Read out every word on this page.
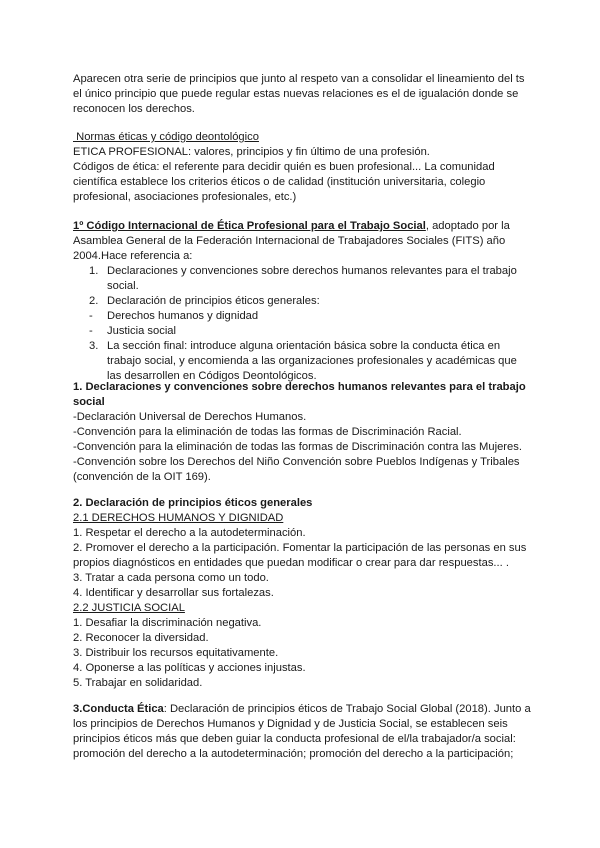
Aparecen otra serie de principios que junto al respeto van a consolidar el lineamiento del ts
el único principio que puede regular estas nuevas relaciones es el de igualación donde se
reconocen los derechos.
Normas éticas y código deontológico
ETICA PROFESIONAL: valores, principios y fin último de una profesión.
Códigos de ética: el referente para decidir quién es buen profesional... La comunidad
científica establece los criterios éticos o de calidad (institución universitaria, colegio
profesional, asociaciones profesionales, etc.)
1º Código Internacional de Ética Profesional para el Trabajo Social, adoptado por la
Asamblea General de la Federación Internacional de Trabajadores Sociales (FITS) año
2004.Hace referencia a:
1. Declaraciones y convenciones sobre derechos humanos relevantes para el trabajo
social.
2. Declaración de principios éticos generales:
- Derechos humanos y dignidad
- Justicia social
3. La sección final: introduce alguna orientación básica sobre la conducta ética en
trabajo social, y encomienda a las organizaciones profesionales y académicas que
las desarrollen en Códigos Deontológicos.
1. Declaraciones y convenciones sobre derechos humanos relevantes para el trabajo
social
-Declaración Universal de Derechos Humanos.
-Convención para la eliminación de todas las formas de Discriminación Racial.
-Convención para la eliminación de todas las formas de Discriminación contra las Mujeres.
-Convención sobre los Derechos del Niño Convención sobre Pueblos Indígenas y Tribales
(convención de la OIT 169).
2. Declaración de principios éticos generales
2.1 DERECHOS HUMANOS Y DIGNIDAD
1. Respetar el derecho a la autodeterminación.
2. Promover el derecho a la participación. Fomentar la participación de las personas en sus
propios diagnósticos en entidades que puedan modificar o crear para dar respuestas... .
3. Tratar a cada persona como un todo.
4. Identificar y desarrollar sus fortalezas.
2.2 JUSTICIA SOCIAL
1. Desafiar la discriminación negativa.
2. Reconocer la diversidad.
3. Distribuir los recursos equitativamente.
4. Oponerse a las políticas y acciones injustas.
5. Trabajar en solidaridad.
3.Conducta Ética: Declaración de principios éticos de Trabajo Social Global (2018). Junto a
los principios de Derechos Humanos y Dignidad y de Justicia Social, se establecen seis
principios éticos más que deben guiar la conducta profesional de el/la trabajador/a social:
promoción del derecho a la autodeterminación; promoción del derecho a la participación;
